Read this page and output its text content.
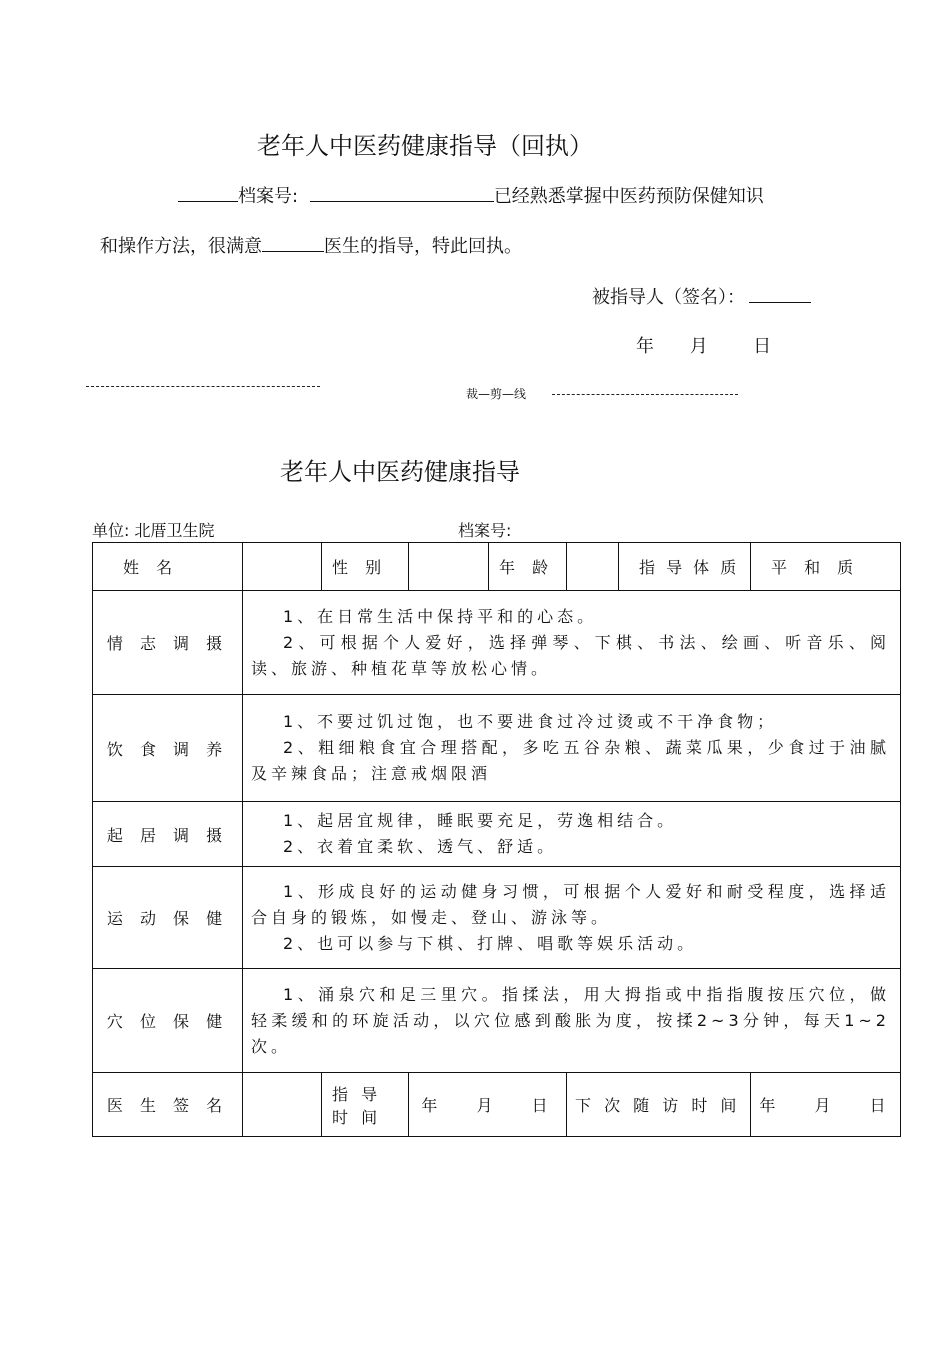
老年人中医药健康指导（回执）
档案号:	已经熟悉掌握中医药预防保健知识
和操作方法，很满意	医生的指导，特此回执。
被指导人（签名）：
年　 月 　 日
裁—剪—线
老年人中医药健康指导
单位: 北厝卫生院	档案号:
姓 名		性 别		年 龄		指 导 体 质	平 和 质
情 志 调 摄	1、在日常生活中保持平和的心态。

2、可根据个人爱好，选择弹琴、下棋、书法、绘画、听音乐、阅读、旅游、种植花草等放松心情。						

饮 食 调 养	1、不要过饥过饱，也不要进食过冷过烫或不干净食物；

2、粗细粮食宜合理搭配，多吃五谷杂粮、蔬菜瓜果，少食过于油腻及辛辣食品；注意戒烟限酒						

起 居 调 摄	1、起居宜规律，睡眠要充足，劳逸相结合。

2、衣着宜柔软、透气、舒适。						

运 动 保 健	1、形成良好的运动健身习惯，可根据个人爱好和耐受程度，选择适合自身的锻炼，如慢走、登山、游泳等。

2、也可以参与下棋、打牌、唱歌等娱乐活动。						

穴 位 保 健	1、涌泉穴和足三里穴。指揉法，用大拇指或中指指腹按压穴位，做轻柔缓和的环旋活动，以穴位感到酸胀为度，按揉2~3分钟，每天1~2次。						

医 生 签 名		指 导 时 间	年　 月　 日		下 次 随 访 时 间		年　 月　 日
